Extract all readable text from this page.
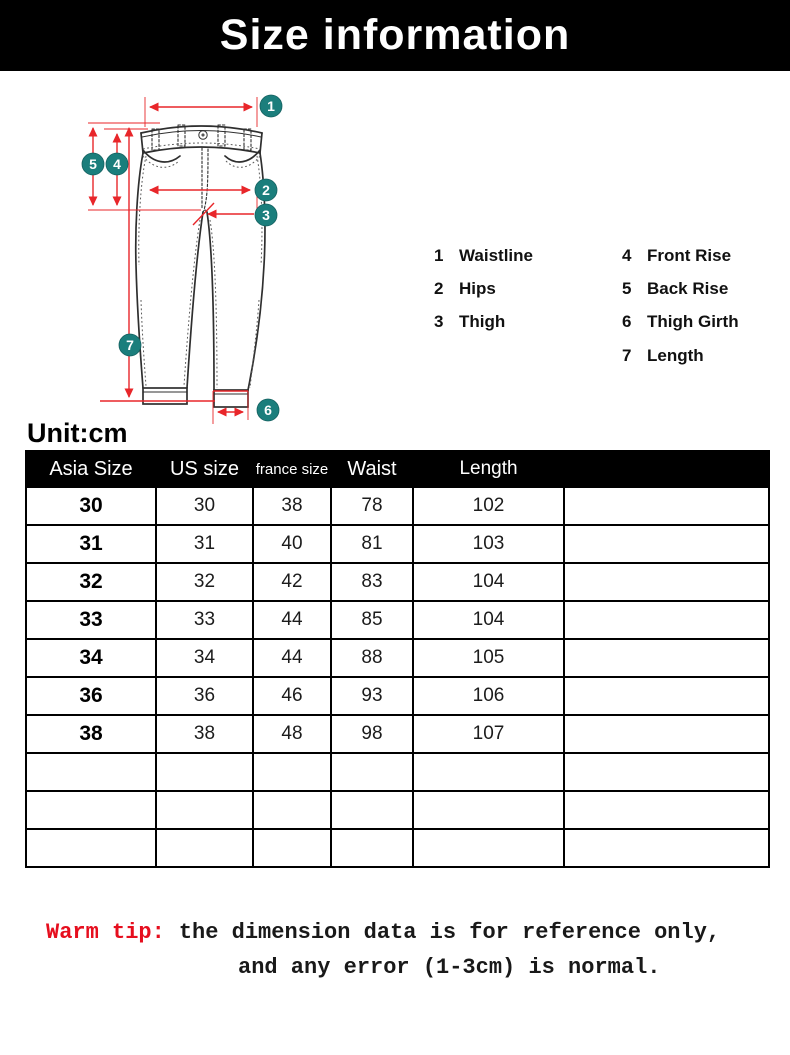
Size information
1
2
3
4
5
6
7
1 Waistline
2 Hips
3 Thigh
4 Front Rise
5 Back Rise
6 Thigh Girth
7 Length
Unit:cm
Asia Size	US size	france size	Waist	Length	
30	30	38	78	102	
31	31	40	81	103	
32	32	42	83	104	
33	33	44	85	104	
34	34	44	88	105	
36	36	46	93	106	
38	38	48	98	107	

Warm tip: the dimension data is for reference only,
and any error (1-3cm) is normal.
